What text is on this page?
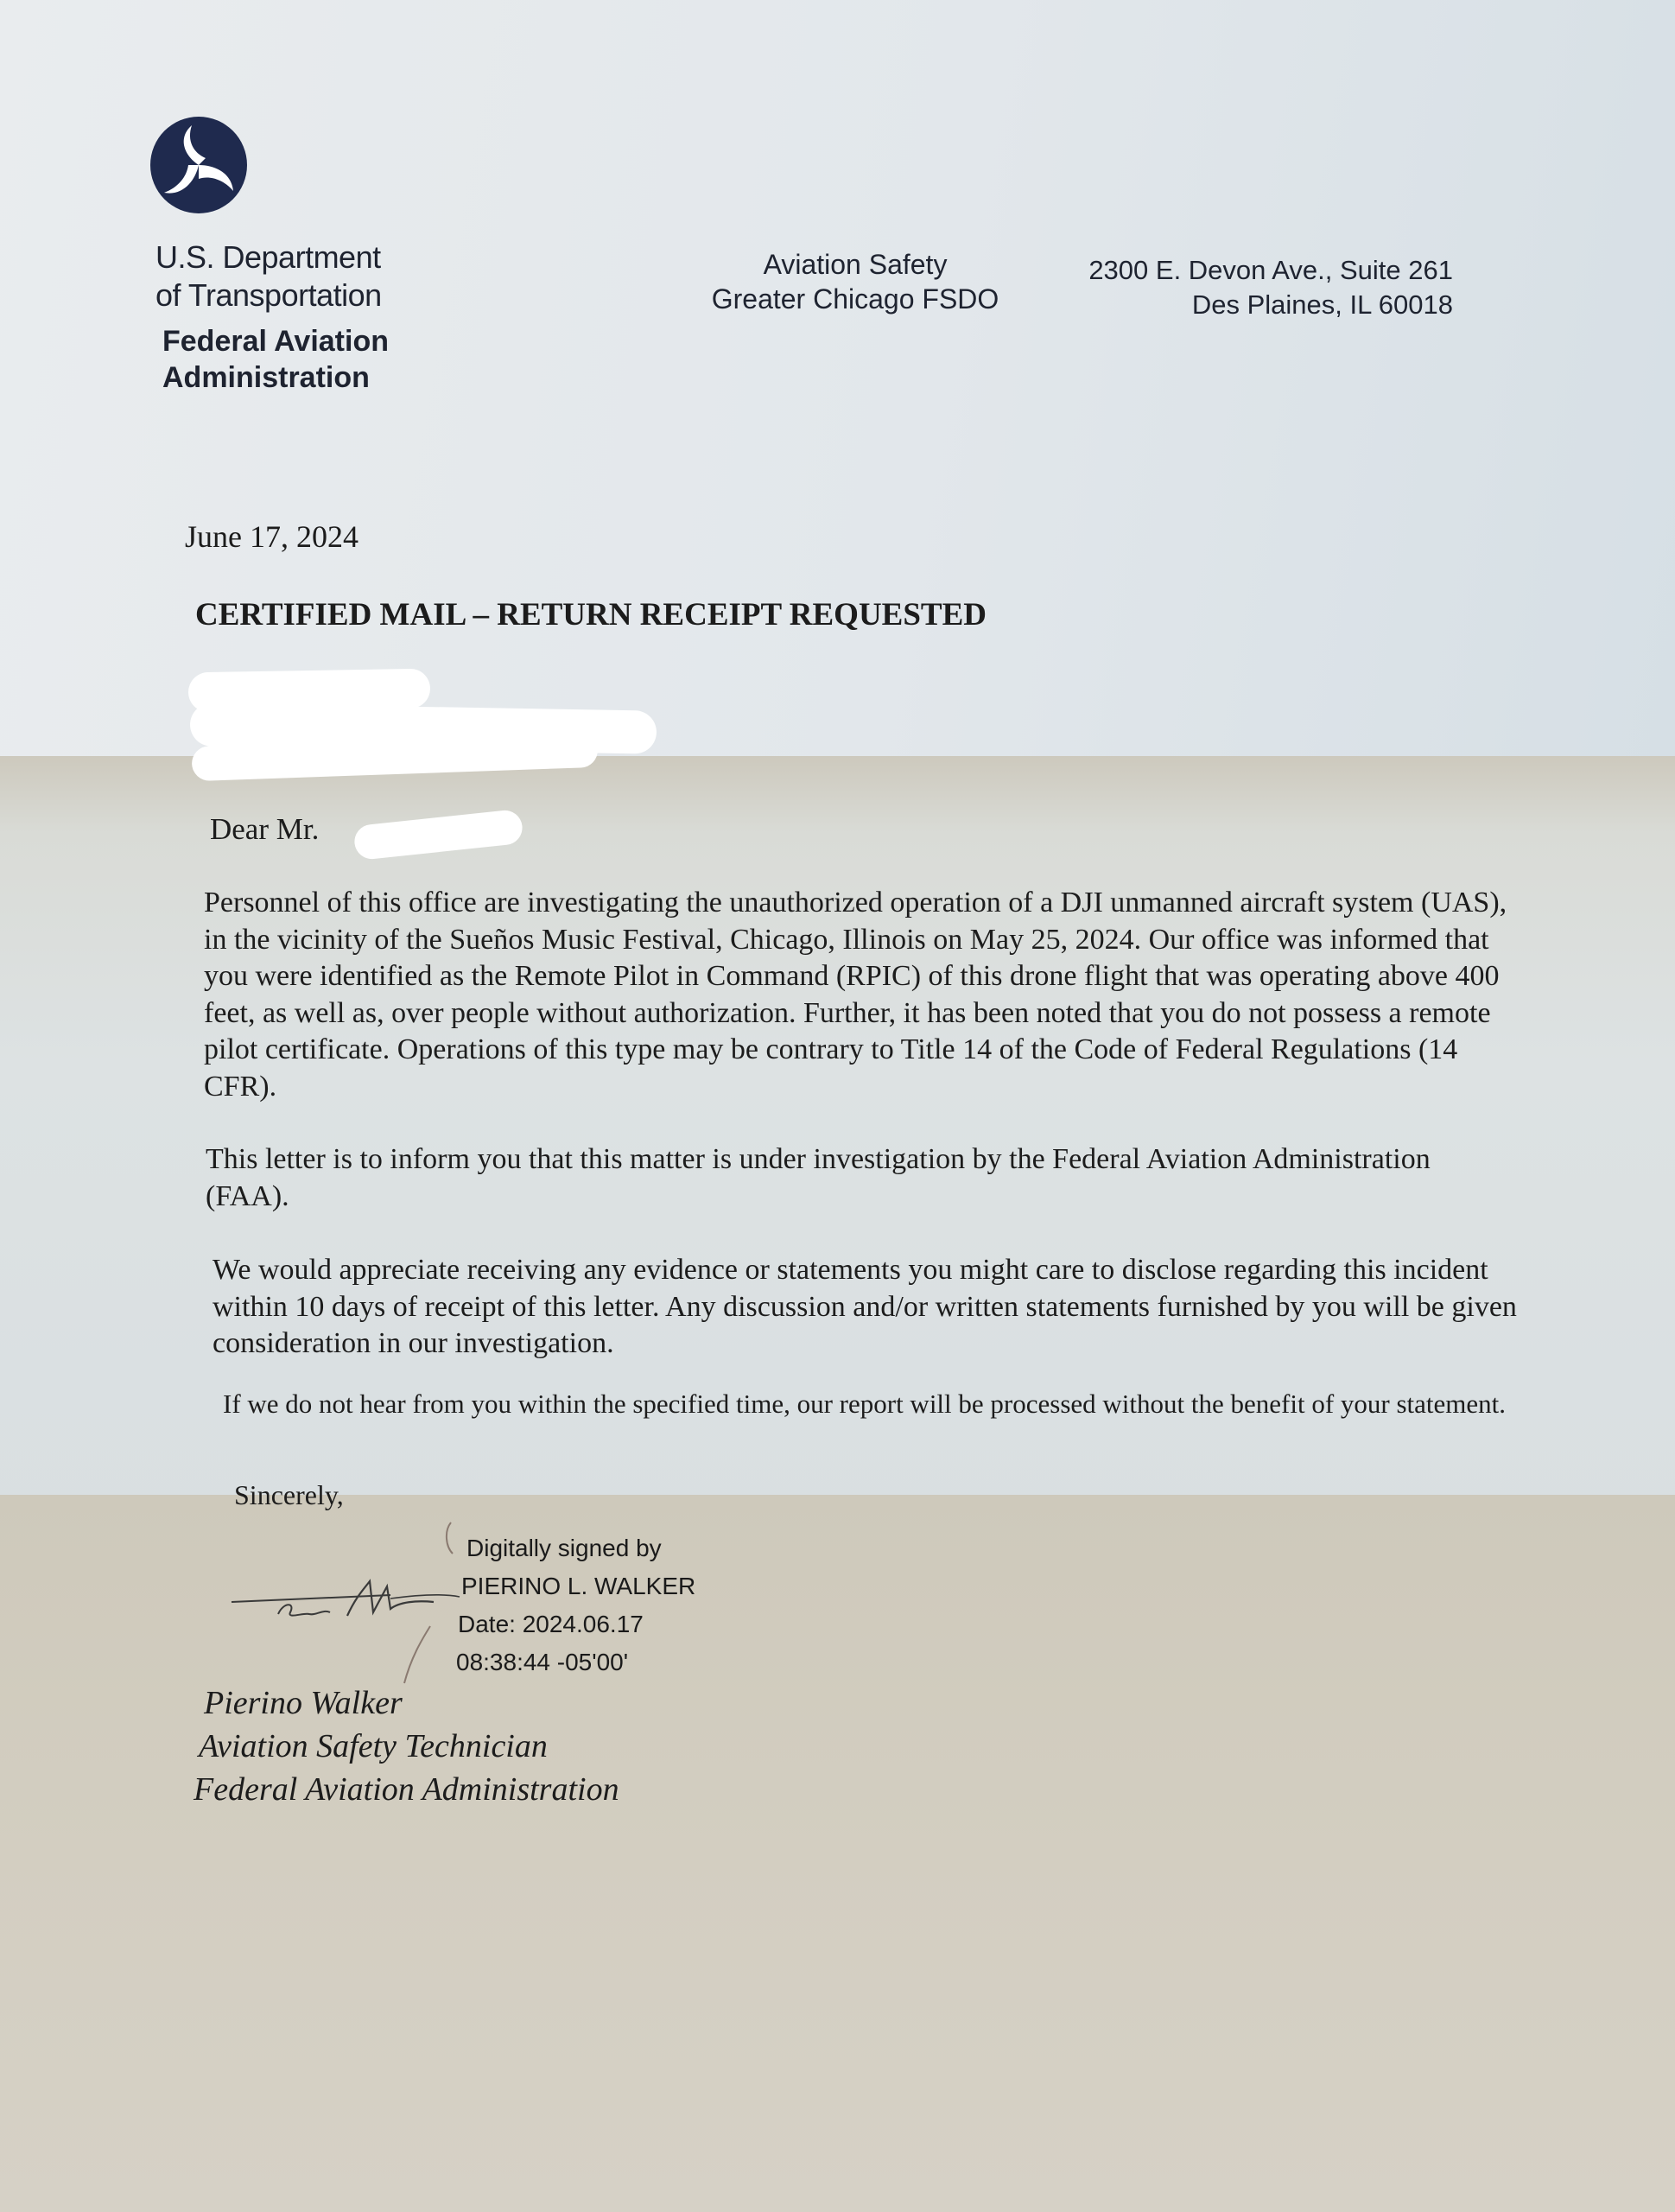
U.S. Department
of Transportation
Federal Aviation
Administration
Aviation Safety
Greater Chicago FSDO
2300 E. Devon Ave., Suite 261
Des Plaines, IL 60018
June 17, 2024
CERTIFIED MAIL – RETURN RECEIPT REQUESTED
Dear Mr.
Personnel of this office are investigating the unauthorized operation of a DJI unmanned aircraft system (UAS), in the vicinity of the Sueños Music Festival, Chicago, Illinois on May 25, 2024. Our office was informed that you were identified as the Remote Pilot in Command (RPIC) of this drone flight that was operating above 400 feet, as well as, over people without authorization. Further, it has been noted that you do not possess a remote pilot certificate. Operations of this type may be contrary to Title 14 of the Code of Federal Regulations (14 CFR).
This letter is to inform you that this matter is under investigation by the Federal Aviation Administration (FAA).
We would appreciate receiving any evidence or statements you might care to disclose regarding this incident within 10 days of receipt of this letter. Any discussion and/or written statements furnished by you will be given consideration in our investigation.
If we do not hear from you within the specified time, our report will be processed without the benefit of your statement.
Sincerely,
Digitally signed by
PIERINO L. WALKER
Date: 2024.06.17
08:38:44 -05'00'
Pierino Walker
Aviation Safety Technician
Federal Aviation Administration
